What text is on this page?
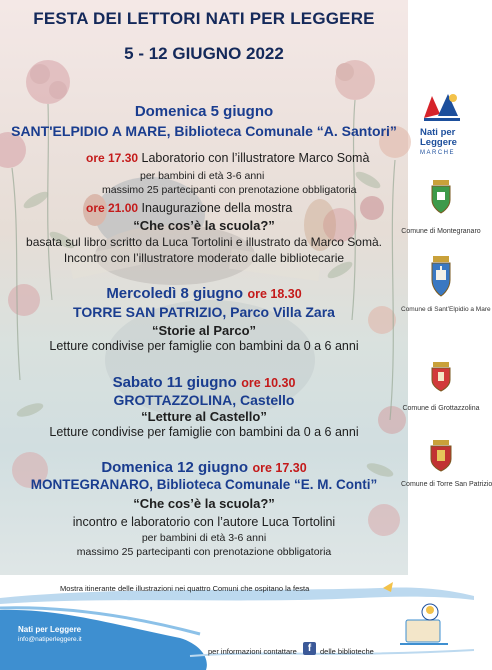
FESTA DEI LETTORI NATI PER LEGGERE
5 - 12 GIUGNO 2022
Domenica 5 giugno
SANT'ELPIDIO A MARE, Biblioteca Comunale “A. Santori”
ore 17.30 Laboratorio con l’illustratore Marco Somà
per bambini di età 3-6 anni
massimo 25 partecipanti con prenotazione obbligatoria
ore 21.00 Inaugurazione della mostra
“Che cos’è la scuola?”
basata sul libro scritto da Luca Tortolini e illustrato da Marco Somà.
Incontro con l’illustratore moderato dalle bibliotecarie
Mercoledì 8 giugno ore 18.30
TORRE SAN PATRIZIO, Parco Villa Zara
“Storie al Parco”
Letture condivise per famiglie con bambini da 0 a 6 anni
Sabato 11 giugno ore 10.30
GROTTAZZOLINA, Castello
“Letture al Castello”
Letture condivise per famiglie con bambini da 0 a 6 anni
Domenica 12 giugno ore 17.30
MONTEGRANARO, Biblioteca Comunale “E. M. Conti”
“Che cos’è la scuola?”
incontro e laboratorio con l’autore Luca Tortolini
per bambini di età 3-6 anni
massimo 25 partecipanti con prenotazione obbligatoria
Nati per Leggere
MARCHE
Comune di Montegranaro
Comune di Sant’Elpidio a Mare
Comune di Grottazzolina
Comune di Torre San Patrizio
Mostra itinerante delle illustrazioni nei quattro Comuni che ospitano la festa
Nati per Leggere
info@natiperleggere.it
per informazioni contattare	f	delle biblioteche
